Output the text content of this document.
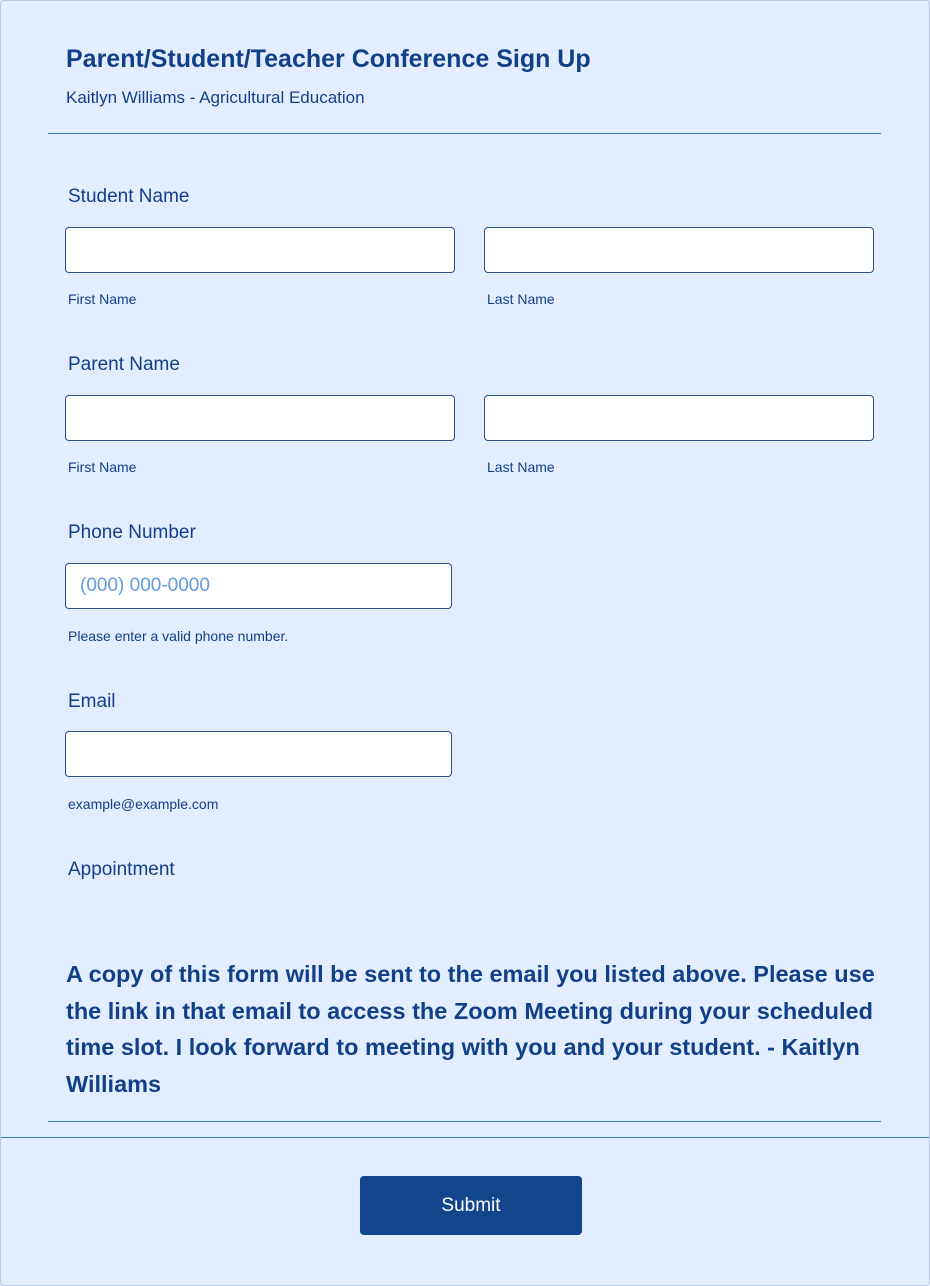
Parent/Student/Teacher Conference Sign Up
Kaitlyn Williams - Agricultural Education
Student Name
First Name	Last Name
Parent Name
First Name	Last Name
Phone Number
(000) 000-0000
Please enter a valid phone number.
Email
example@example.com
Appointment
A copy of this form will be sent to the email you listed above. Please use the link in that email to access the Zoom Meeting during your scheduled time slot. I look forward to meeting with you and your student. - Kaitlyn Williams
Submit
